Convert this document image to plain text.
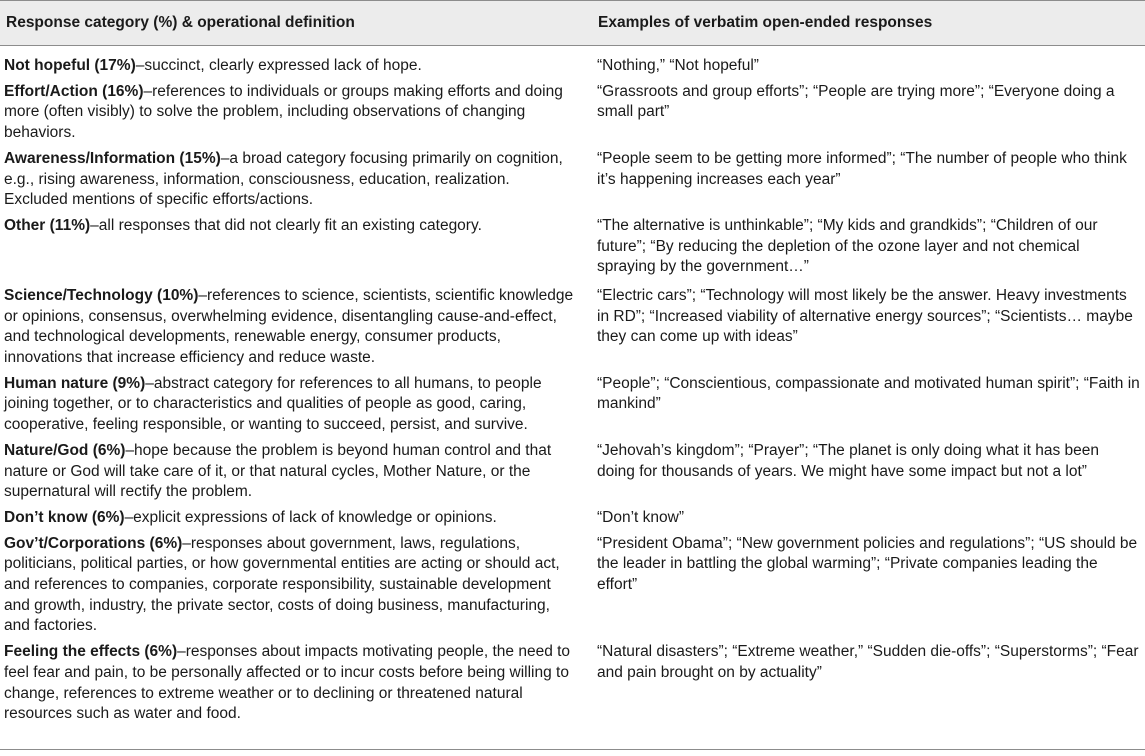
Response category (%) & operational definition	Examples of verbatim open-ended responses
Not hopeful (17%)–succinct, clearly expressed lack of hope.	“Nothing,” “Not hopeful”
Effort/Action (16%)–references to individuals or groups making efforts and doing more (often visibly) to solve the problem, including observations of changing behaviors.	“Grassroots and group efforts”; “People are trying more”; “Everyone doing a small part”
Awareness/Information (15%)–a broad category focusing primarily on cognition, e.g., rising awareness, information, consciousness, education, realization. Excluded mentions of specific efforts/actions.	“People seem to be getting more informed”; “The number of people who think it’s happening increases each year”
Other (11%)–all responses that did not clearly fit an existing category.	“The alternative is unthinkable”; “My kids and grandkids”; “Children of our future”; “By reducing the depletion of the ozone layer and not chemical spraying by the government…”
Science/Technology (10%)–references to science, scientists, scientific knowledge or opinions, consensus, overwhelming evidence, disentangling cause-and-effect, and technological developments, renewable energy, consumer products, innovations that increase efficiency and reduce waste.	“Electric cars”; “Technology will most likely be the answer. Heavy investments in RD”; “Increased viability of alternative energy sources”; “Scientists… maybe they can come up with ideas”
Human nature (9%)–abstract category for references to all humans, to people joining together, or to characteristics and qualities of people as good, caring, cooperative, feeling responsible, or wanting to succeed, persist, and survive.	“People”; “Conscientious, compassionate and motivated human spirit”; “Faith in mankind”
Nature/God (6%)–hope because the problem is beyond human control and that nature or God will take care of it, or that natural cycles, Mother Nature, or the supernatural will rectify the problem.	“Jehovah’s kingdom”; “Prayer”; “The planet is only doing what it has been doing for thousands of years. We might have some impact but not a lot”
Don’t know (6%)–explicit expressions of lack of knowledge or opinions.	“Don’t know”
Gov’t/Corporations (6%)–responses about government, laws, regulations, politicians, political parties, or how governmental entities are acting or should act, and references to companies, corporate responsibility, sustainable development and growth, industry, the private sector, costs of doing business, manufacturing, and factories.	“President Obama”; “New government policies and regulations”; “US should be the leader in battling the global warming”; “Private companies leading the effort”
Feeling the effects (6%)–responses about impacts motivating people, the need to feel fear and pain, to be personally affected or to incur costs before being willing to change, references to extreme weather or to declining or threatened natural resources such as water and food.	“Natural disasters”; “Extreme weather,” “Sudden die-offs”; “Superstorms”; “Fear and pain brought on by actuality”
